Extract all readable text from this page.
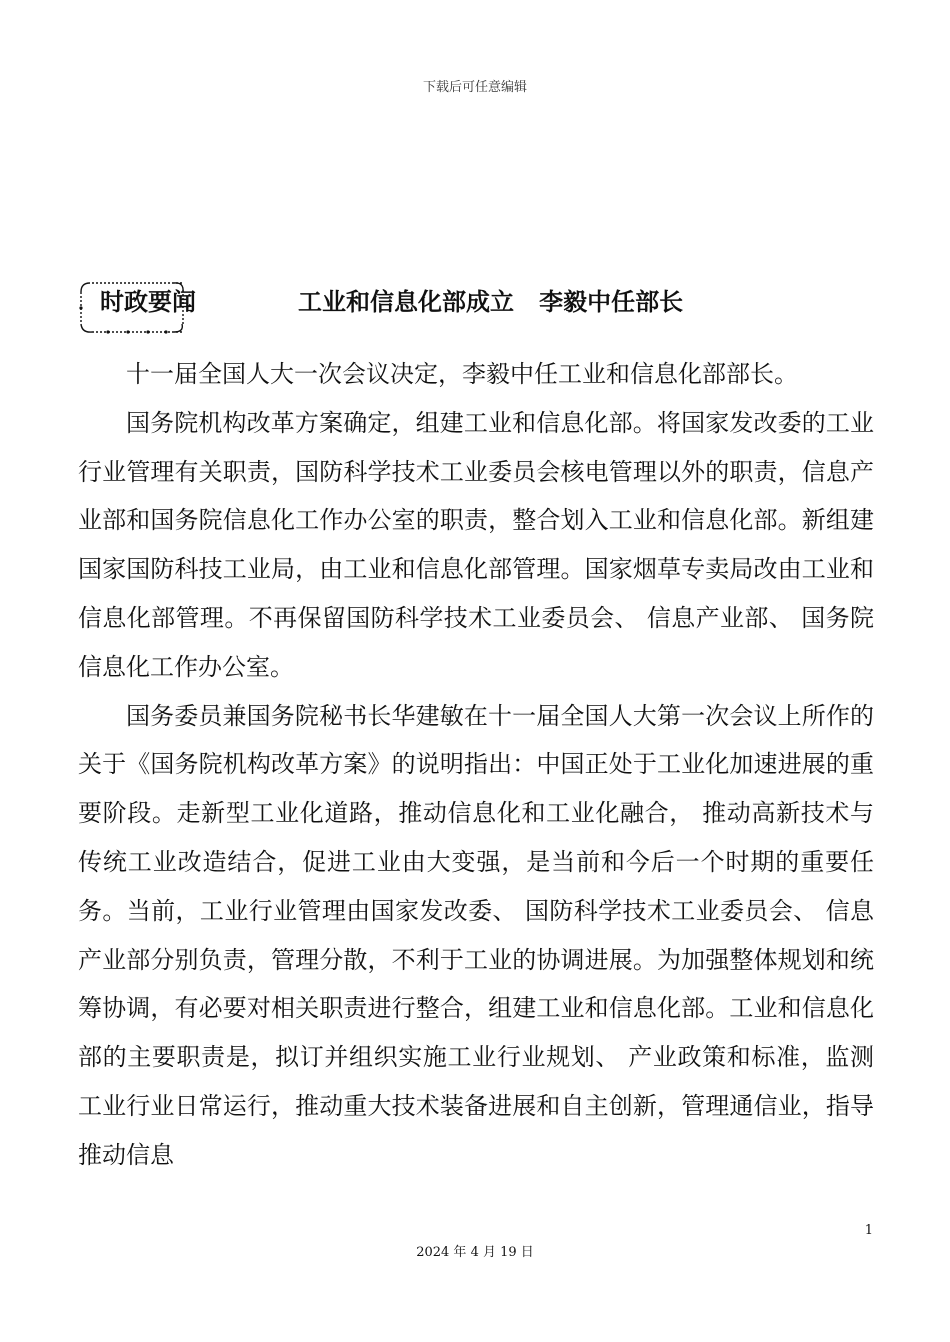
下载后可任意编辑
时政要闻	工业和信息化部成立   李毅中任部长

十一届全国人大一次会议决定，李毅中任工业和信息化部部长。

国务院机构改革方案确定，组建工业和信息化部。将国家发改委的工业行业管理有关职责，国防科学技术工业委员会核电管理以外的职责，信息产业部和国务院信息化工作办公室的职责，整合划入工业和信息化部。新组建国家国防科技工业局，由工业和信息化部管理。国家烟草专卖局改由工业和信息化部管理。不再保留国防科学技术工业委员会、 信息产业部、 国务院信息化工作办公室。

国务委员兼国务院秘书长华建敏在十一届全国人大第一次会议上所作的关于《国务院机构改革方案》的说明指出：中国正处于工业化加速进展的重要阶段。走新型工业化道路，推动信息化和工业化融合， 推动高新技术与传统工业改造结合，促进工业由大变强，是当前和今后一个时期的重要任务。当前，工业行业管理由国家发改委、 国防科学技术工业委员会、 信息产业部分别负责，管理分散，不利于工业的协调进展。为加强整体规划和统筹协调，有必要对相关职责进行整合，组建工业和信息化部。工业和信息化部的主要职责是，拟订并组织实施工业行业规划、 产业政策和标准，监测工业行业日常运行，推动重大技术装备进展和自主创新，管理通信业，指导推动信息

1
2024 年 4 月 19 日
